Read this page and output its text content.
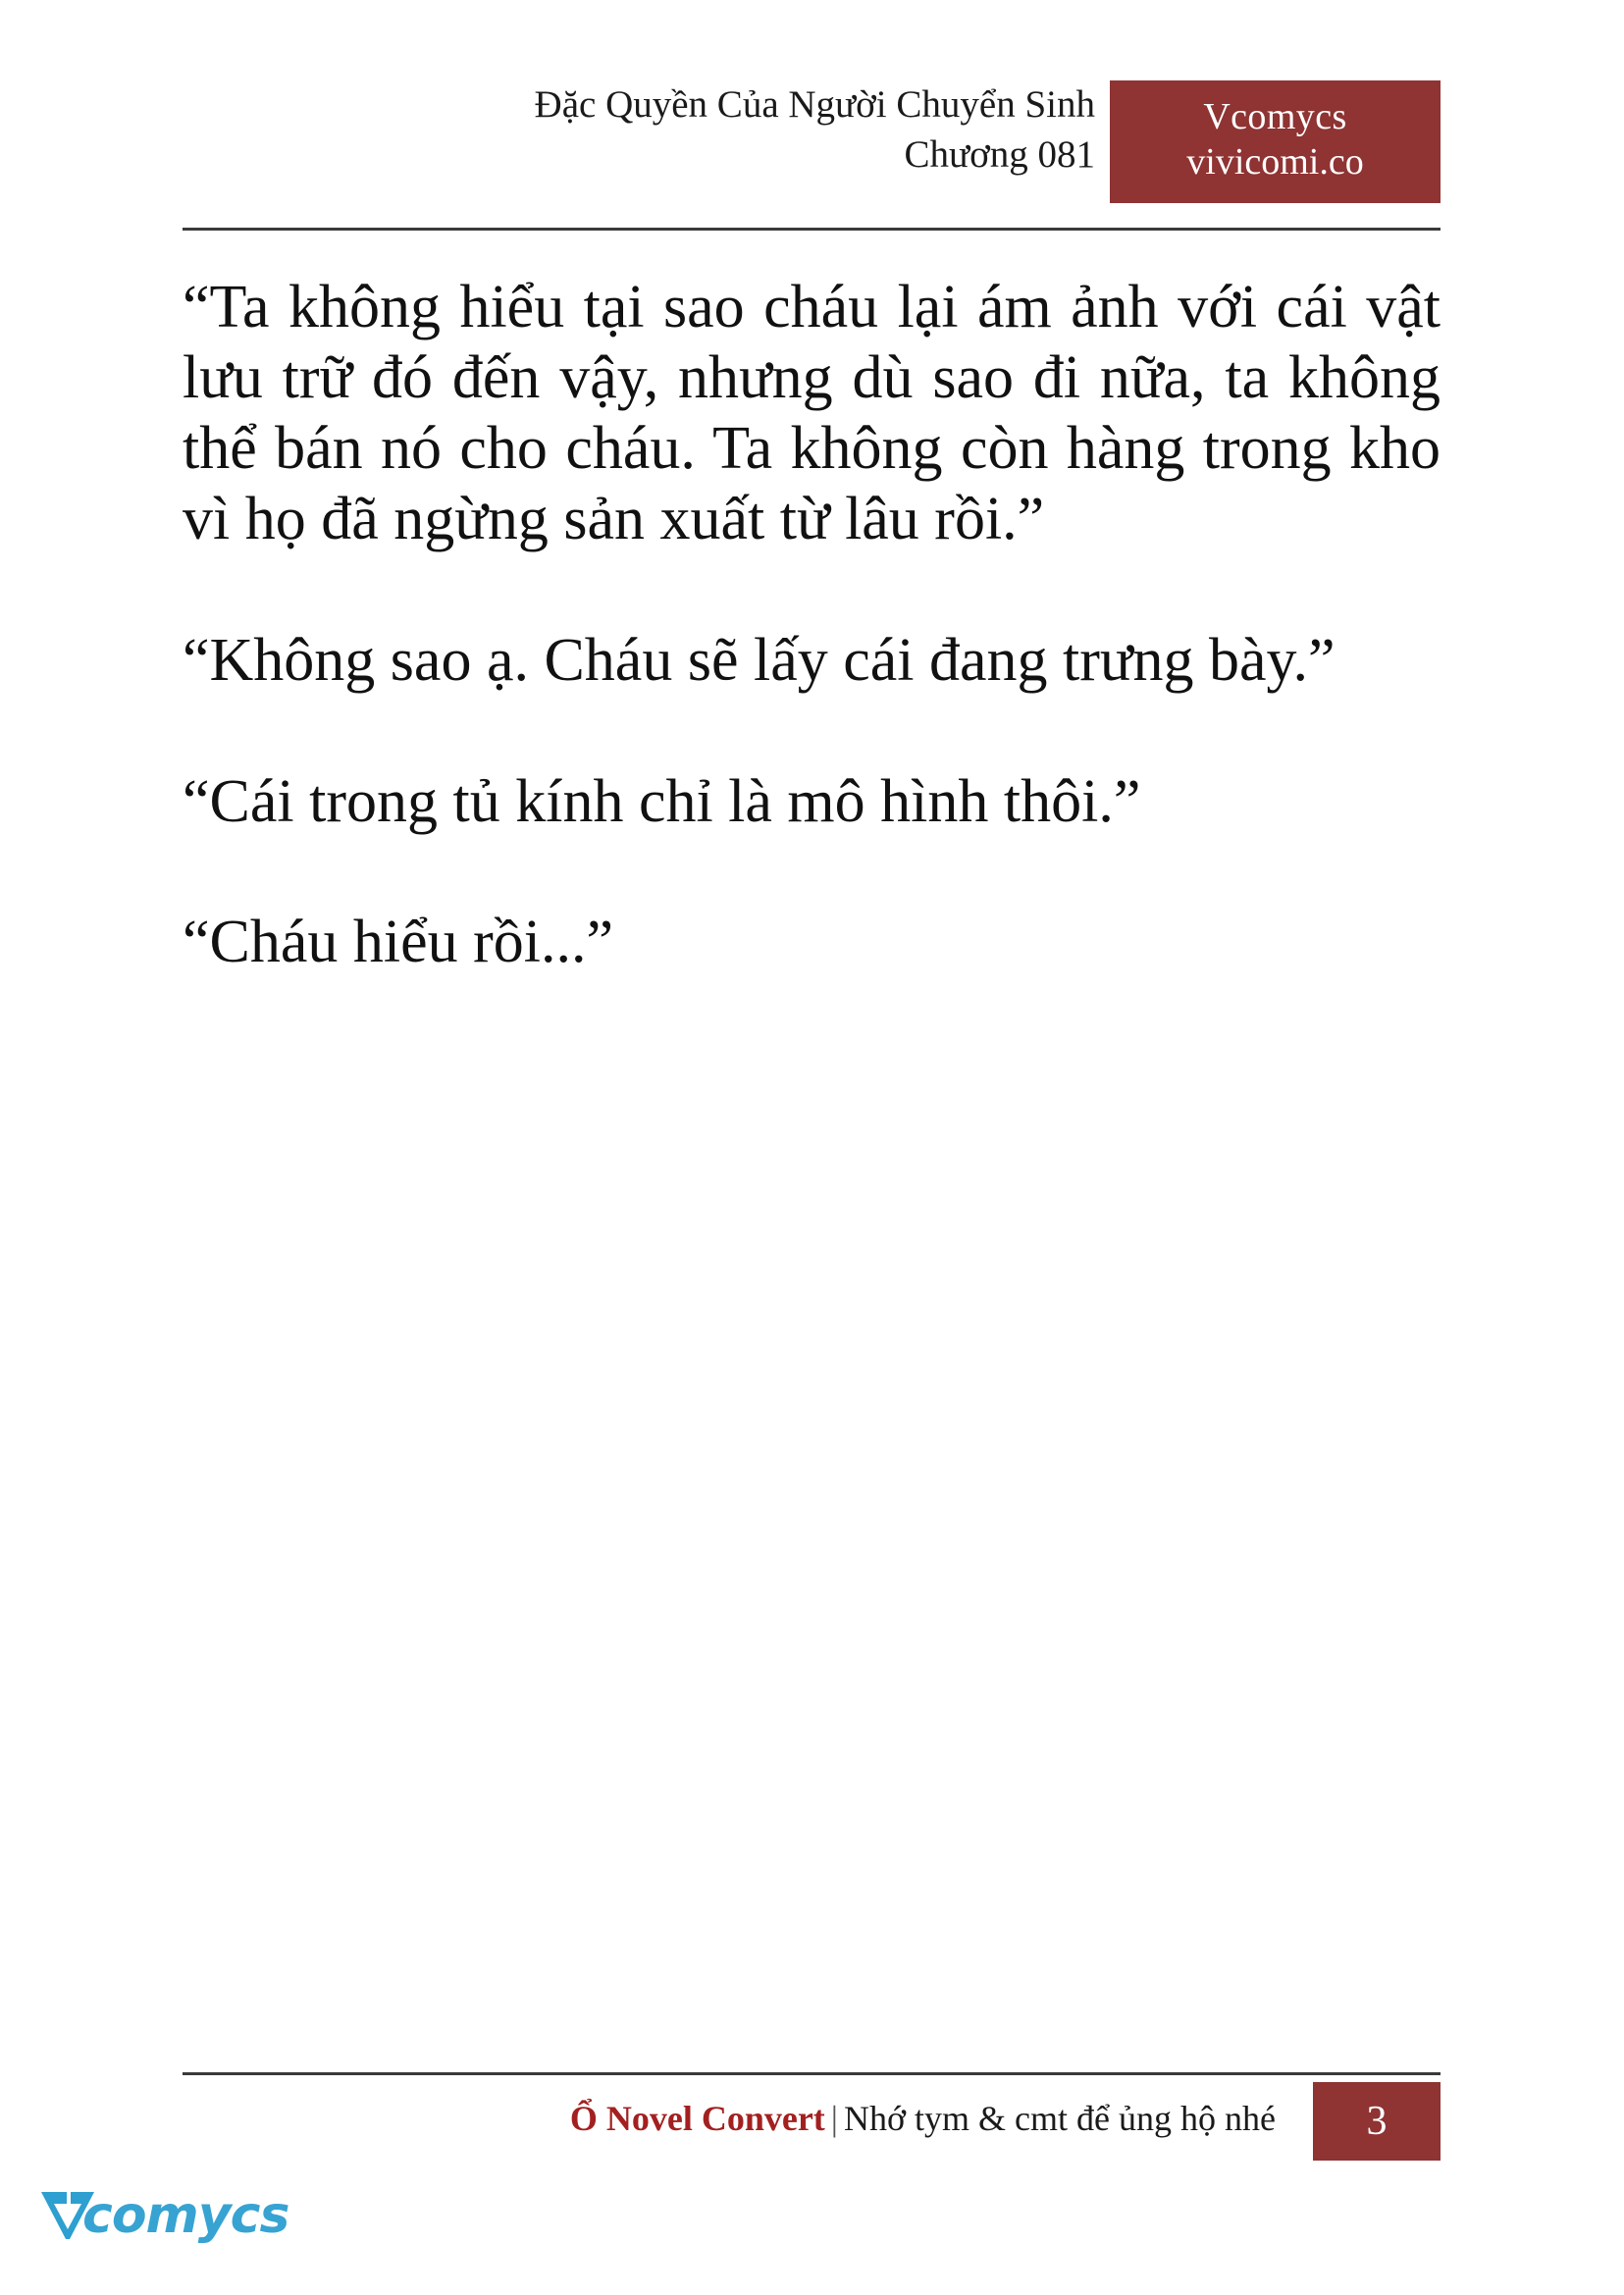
Đặc Quyền Của Người Chuyển Sinh
Chương 081
Vcomycs
vivicomi.co

“Ta không hiểu tại sao cháu lại ám ảnh với cái vật lưu trữ đó đến vậy, nhưng dù sao đi nữa, ta không thể bán nó cho cháu. Ta không còn hàng trong kho vì họ đã ngừng sản xuất từ lâu rồi.”

“Không sao ạ. Cháu sẽ lấy cái đang trưng bày.”

“Cái trong tủ kính chỉ là mô hình thôi.”

“Cháu hiểu rồi...”

Ổ Novel Convert | Nhớ tym & cmt để ủng hộ nhé	3
comycs
